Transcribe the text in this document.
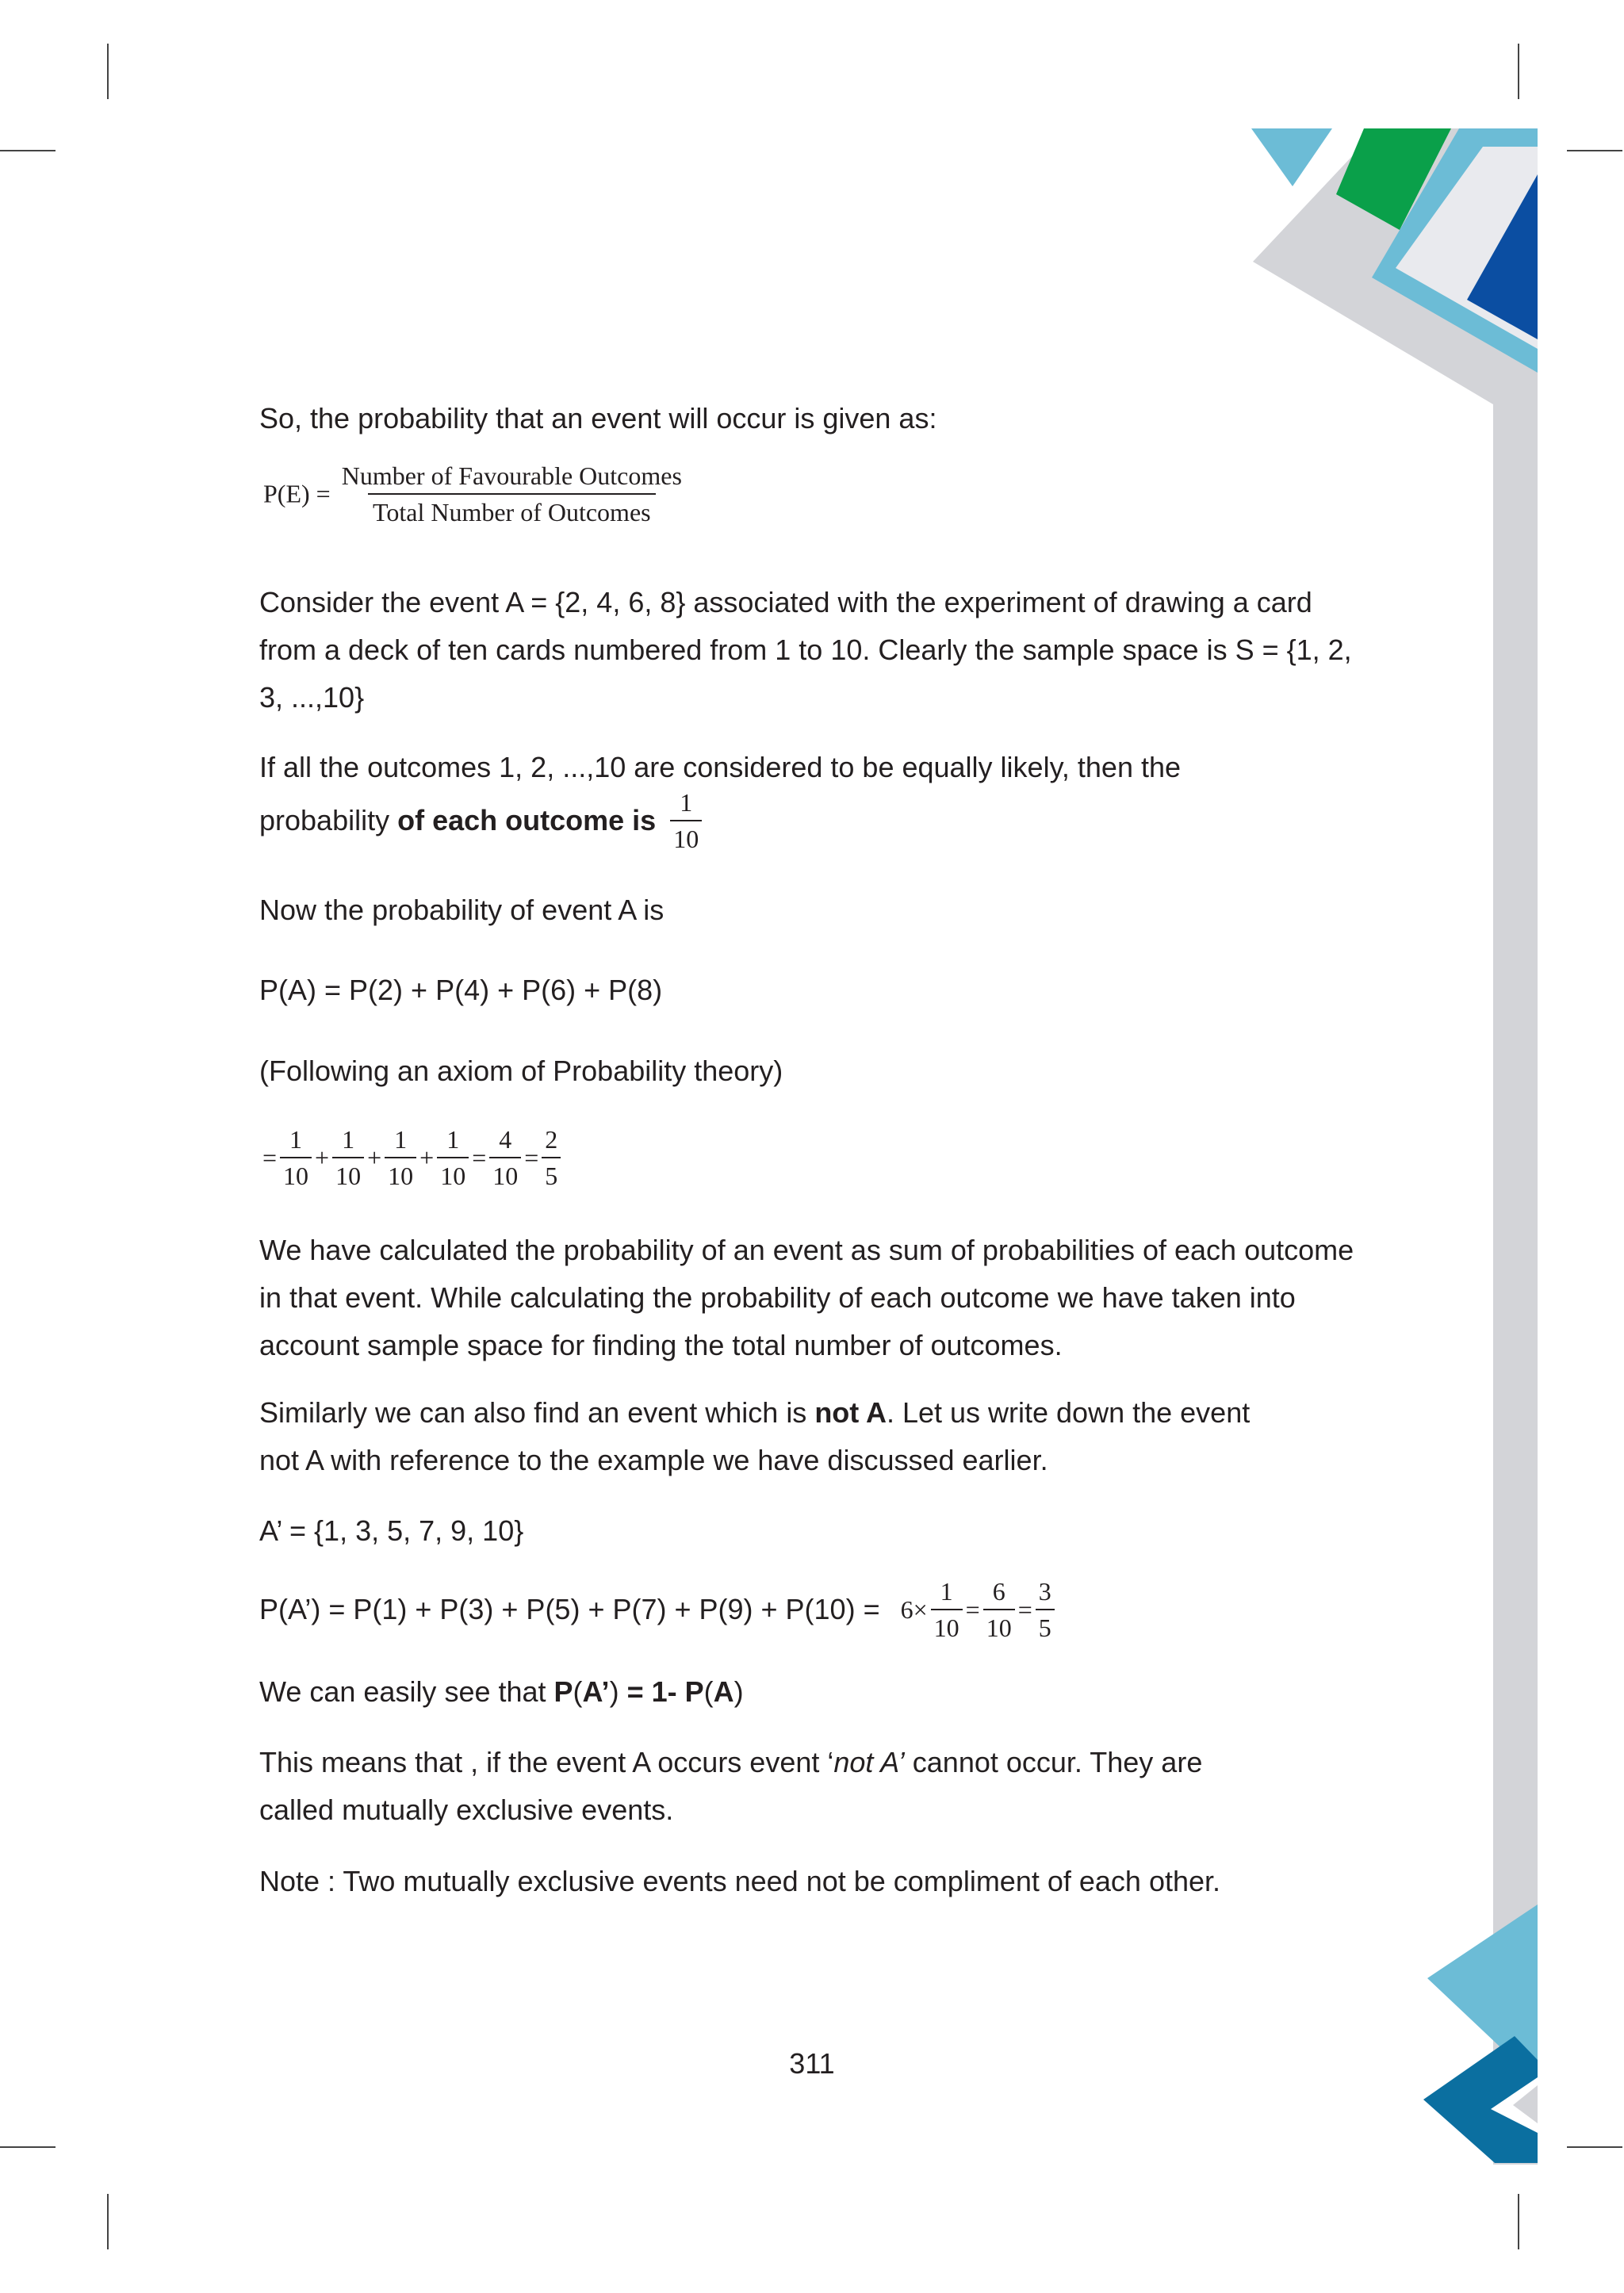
So, the probability that an event will occur is given as:
$P(E) = \frac{\text{Number of Favourable Outcomes}}{\text{Total Number of Outcomes}}$
Consider the event A = {2, 4, 6, 8} associated with the experiment of drawing a card from a deck of ten cards numbered from 1 to 10. Clearly the sample space is S = {1, 2, 3, ...,10}
If all the outcomes 1, 2, ...,10 are considered to be equally likely, then the
probability of each outcome is $\frac{1}{10}$
Now the probability of event A is
P(A) = P(2) + P(4) + P(6) + P(8)
(Following an axiom of Probability theory)
= $\frac{1}{10} + \frac{1}{10} + \frac{1}{10} + \frac{1}{10} = \frac{4}{10} = \frac{2}{5}$
We have calculated the probability of an event as sum of probabilities of each outcome in that event. While calculating the probability of each outcome we have taken into account sample space for finding the total number of outcomes.
Similarly we can also find an event which is not A. Let us write down the event
not A with reference to the example we have discussed earlier.
A’ = {1, 3, 5, 7, 9, 10}
P(A’) = $P(1) + P(3) + P(5) + P(7) + P(9) + P(10) = 6\times \frac{1}{10} = \frac{6}{10} = \frac{3}{5}$
We can easily see that P(A’) = 1- P(A)
This means that , if the event A occurs event ‘not A’ cannot occur. They are
called mutually exclusive events.
Note : Two mutually exclusive events need not be compliment of each other.
311
